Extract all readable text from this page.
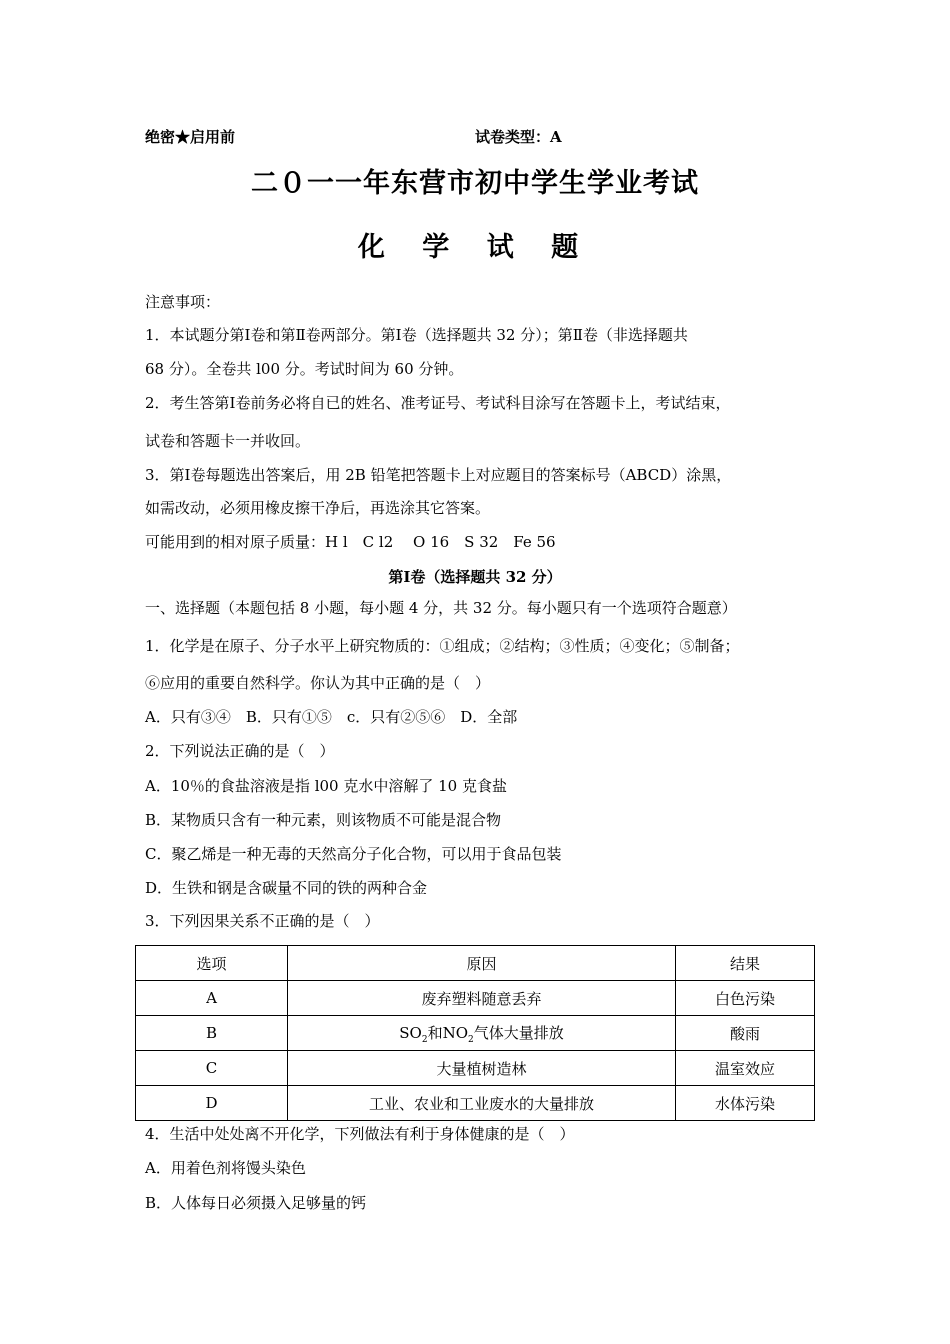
绝密★启用前	试卷类型：A
二０一一年东营市初中学生学业考试
化 学 试 题
注意事项：
1．本试题分第Ⅰ卷和第Ⅱ卷两部分。第Ⅰ卷（选择题共 32 分）；第Ⅱ卷（非选择题共
68 分）。全卷共 l00 分。考试时间为 60 分钟。
2．考生答第Ⅰ卷前务必将自已的姓名、准考证号、考试科目涂写在答题卡上，考试结束，
试卷和答题卡一并收回。
3．第Ⅰ卷每题选出答案后，用 2B 铅笔把答题卡上对应题目的答案标号（ABCD）涂黑，
如需改动，必须用橡皮擦干净后，再选涂其它答案。
可能用到的相对原子质量：H l　C l2　 O 16　S 32　Fe 56
第Ⅰ卷（选择题共 32 分）
一、选择题（本题包括 8 小题，每小题 4 分，共 32 分。每小题只有一个选项符合题意）
1．化学是在原子、分子水平上研究物质的：①组成；②结构；③性质；④变化；⑤制备；
⑥应用的重要自然科学。你认为其中正确的是（　）
A．只有③④　B．只有①⑤　c．只有②⑤⑥　D．全部
2．下列说法正确的是（　）
A．10％的食盐溶液是指 l00 克水中溶解了 10 克食盐
B．某物质只含有一种元素，则该物质不可能是混合物
C．聚乙烯是一种无毒的天然高分子化合物，可以用于食品包装
D．生铁和钢是含碳量不同的铁的两种合金
3．下列因果关系不正确的是（　）
选项	原因	结果
A	废弃塑料随意丢弃	白色污染
B	$SO_2$和$NO_2$气体大量排放	酸雨
C	大量植树造林	温室效应
D	工业、农业和工业废水的大量排放	水体污染
4．生活中处处离不开化学，下列做法有利于身体健康的是（　）
A．用着色剂将馒头染色
B．人体每日必须摄入足够量的钙
